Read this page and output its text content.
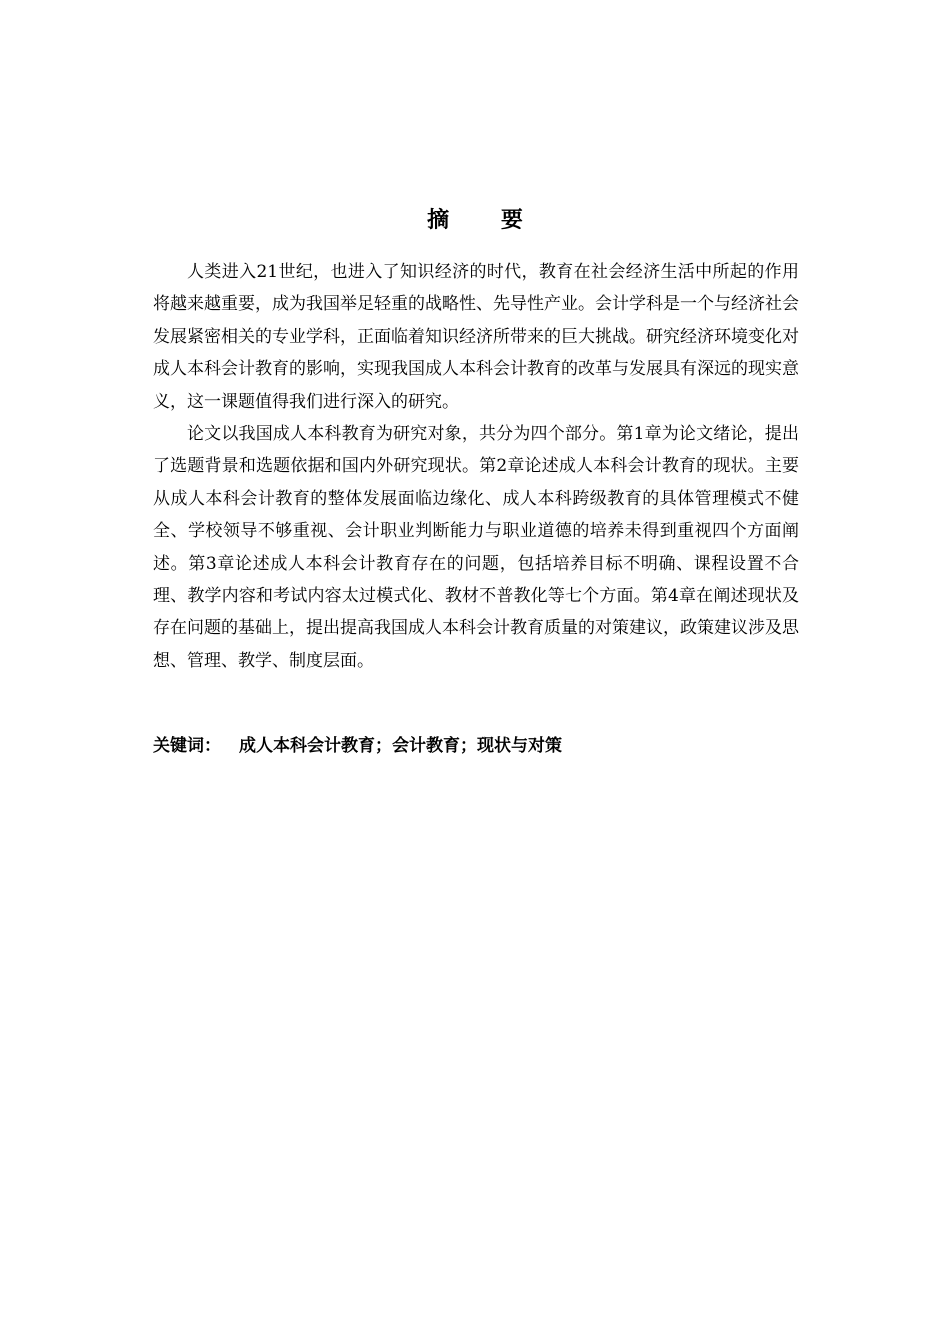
摘 要

人类进入21世纪，也进入了知识经济的时代，教育在社会经济生活中所起的作用将越来越重要，成为我国举足轻重的战略性、先导性产业。会计学科是一个与经济社会发展紧密相关的专业学科，正面临着知识经济所带来的巨大挑战。研究经济环境变化对成人本科会计教育的影响，实现我国成人本科会计教育的改革与发展具有深远的现实意义，这一课题值得我们进行深入的研究。

论文以我国成人本科教育为研究对象，共分为四个部分。第1章为论文绪论，提出了选题背景和选题依据和国内外研究现状。第2章论述成人本科会计教育的现状。主要从成人本科会计教育的整体发展面临边缘化、成人本科跨级教育的具体管理模式不健全、学校领导不够重视、会计职业判断能力与职业道德的培养未得到重视四个方面阐述。第3章论述成人本科会计教育存在的问题，包括培养目标不明确、课程设置不合理、教学内容和考试内容太过模式化、教材不普教化等七个方面。第4章在阐述现状及存在问题的基础上，提出提高我国成人本科会计教育质量的对策建议，政策建议涉及思想、管理、教学、制度层面。

关键词： 成人本科会计教育；会计教育；现状与对策
